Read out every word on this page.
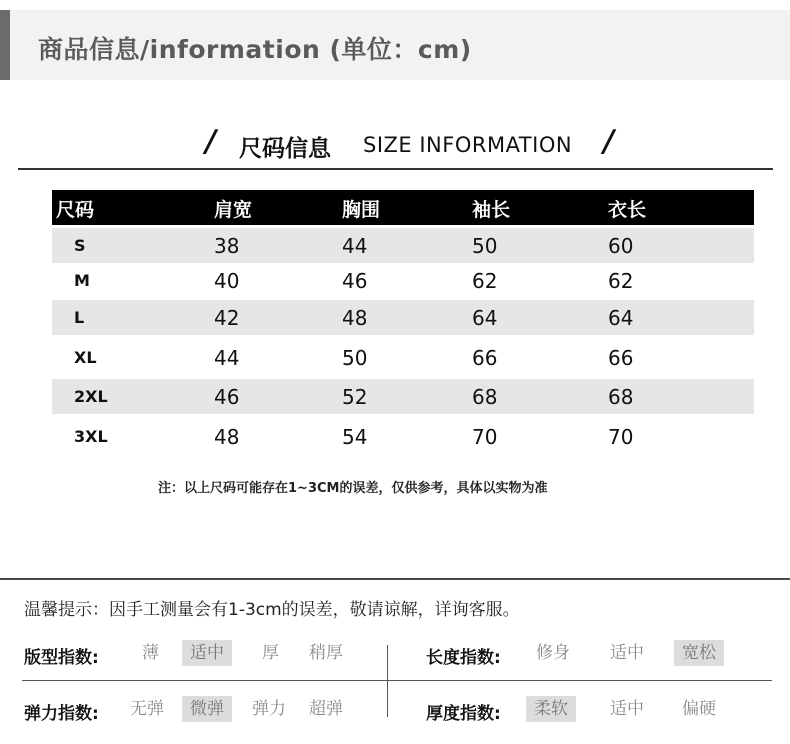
商品信息/information (单位：cm)
/ 尺码信息 SIZE INFORMATION /
尺码	肩宽	胸围	袖长	衣长
S	38	44	50	60
M	40	46	62	62
L	42	48	64	64
XL	44	50	66	66
2XL	46	52	68	68
3XL	48	54	70	70
注：以上尺码可能存在1~3CM的误差，仅供参考，具体以实物为准
温馨提示：因手工测量会有1-3cm的误差，敬请谅解，详询客服。
版型指数:	薄	适中	厚	稍厚	长度指数:	修身	适中	宽松
弹力指数:	无弹	微弹	弹力	超弹	厚度指数:	柔软	适中	偏硬
